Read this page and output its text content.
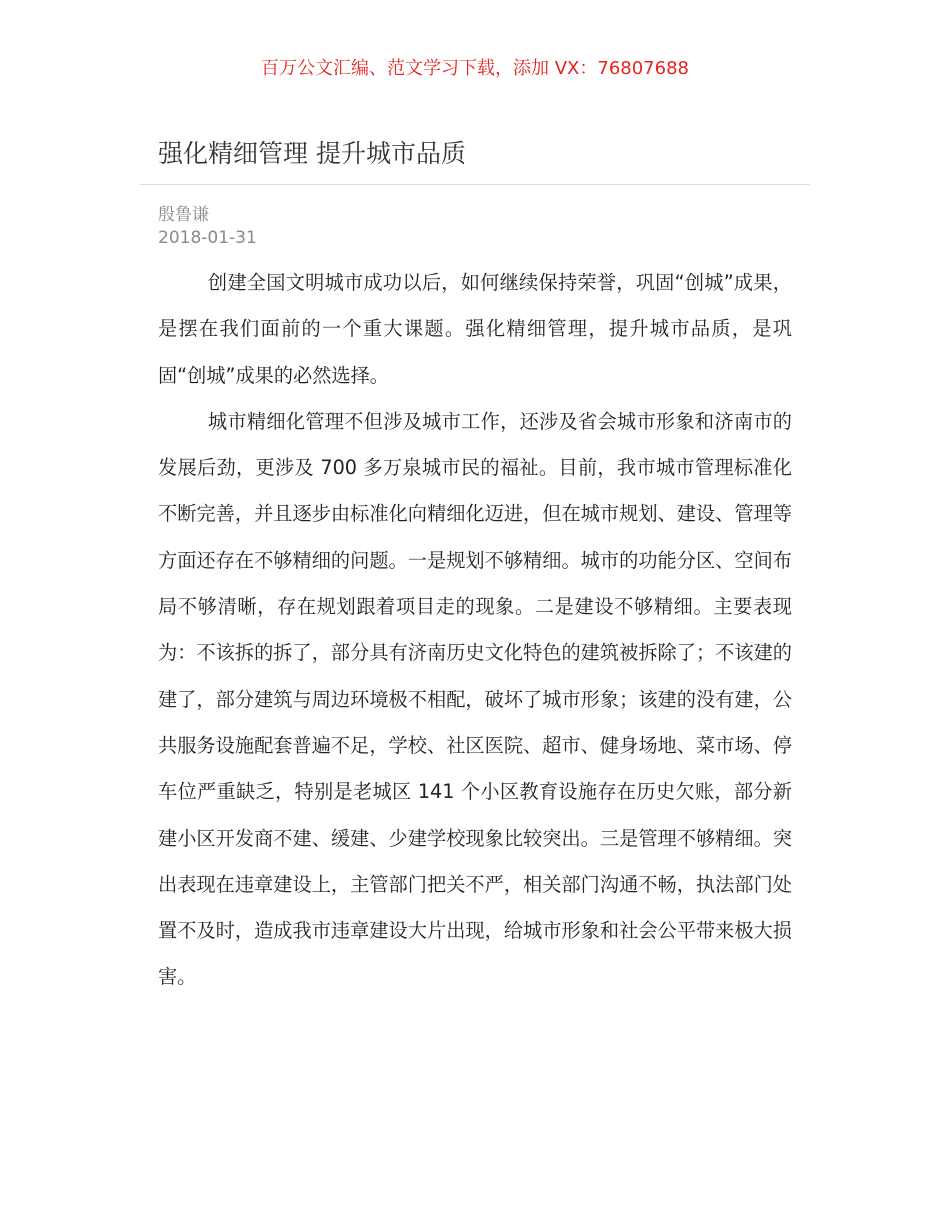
百万公文汇编、范文学习下载，添加 VX：76807688
强化精细管理 提升城市品质
殷鲁谦
2018-01-31

创建全国文明城市成功以后，如何继续保持荣誉，巩固“创城”成果，是摆在我们面前的一个重大课题。强化精细管理，提升城市品质，是巩固“创城”成果的必然选择。

城市精细化管理不但涉及城市工作，还涉及省会城市形象和济南市的发展后劲，更涉及 700 多万泉城市民的福祉。目前，我市城市管理标准化不断完善，并且逐步由标准化向精细化迈进，但在城市规划、建设、管理等方面还存在不够精细的问题。一是规划不够精细。城市的功能分区、空间布局不够清晰，存在规划跟着项目走的现象。二是建设不够精细。主要表现为：不该拆的拆了，部分具有济南历史文化特色的建筑被拆除了；不该建的建了，部分建筑与周边环境极不相配，破坏了城市形象；该建的没有建，公共服务设施配套普遍不足，学校、社区医院、超市、健身场地、菜市场、停车位严重缺乏，特别是老城区 141 个小区教育设施存在历史欠账，部分新建小区开发商不建、缓建、少建学校现象比较突出。三是管理不够精细。突出表现在违章建设上，主管部门把关不严，相关部门沟通不畅，执法部门处置不及时，造成我市违章建设大片出现，给城市形象和社会公平带来极大损害。
